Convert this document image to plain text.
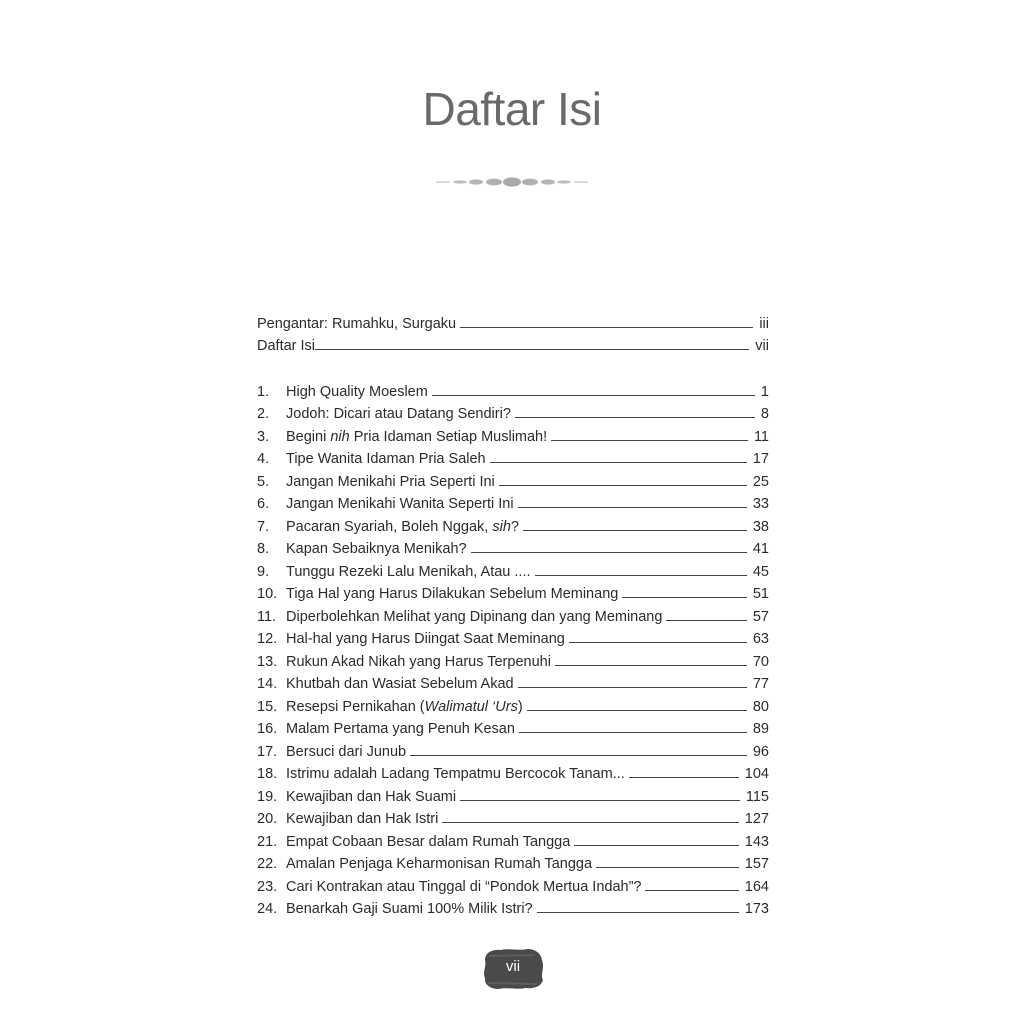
Daftar Isi
Pengantar: Rumahku, Surgaku	iii
Daftar Isi	vii
1.	High Quality Moeslem	1
2.	Jodoh: Dicari atau Datang Sendiri?	8
3.	Begini nih Pria Idaman Setiap Muslimah!	11
4.	Tipe Wanita Idaman Pria Saleh	17
5.	Jangan Menikahi Pria Seperti Ini	25
6.	Jangan Menikahi Wanita Seperti Ini	33
7.	Pacaran Syariah, Boleh Nggak, sih?	38
8.	Kapan Sebaiknya Menikah?	41
9.	Tunggu Rezeki Lalu Menikah, Atau ....	45
10. Tiga Hal yang Harus Dilakukan Sebelum Meminang	51
11. Diperbolehkan Melihat yang Dipinang dan yang Meminang	57
12. Hal-hal yang Harus Diingat Saat Meminang	63
13. Rukun Akad Nikah yang Harus Terpenuhi	70
14. Khutbah dan Wasiat Sebelum Akad	77
15. Resepsi Pernikahan (Walimatul ‘Urs)	80
16. Malam Pertama yang Penuh Kesan	89
17. Bersuci dari Junub	96
18. Istrimu adalah Ladang Tempatmu Bercocok Tanam...	104
19. Kewajiban dan Hak Suami	115
20. Kewajiban dan Hak Istri	127
21. Empat Cobaan Besar dalam Rumah Tangga	143
22. Amalan Penjaga Keharmonisan Rumah Tangga	157
23. Cari Kontrakan atau Tinggal di “Pondok Mertua Indah”?	164
24. Benarkah Gaji Suami 100% Milik Istri?	173
vii
